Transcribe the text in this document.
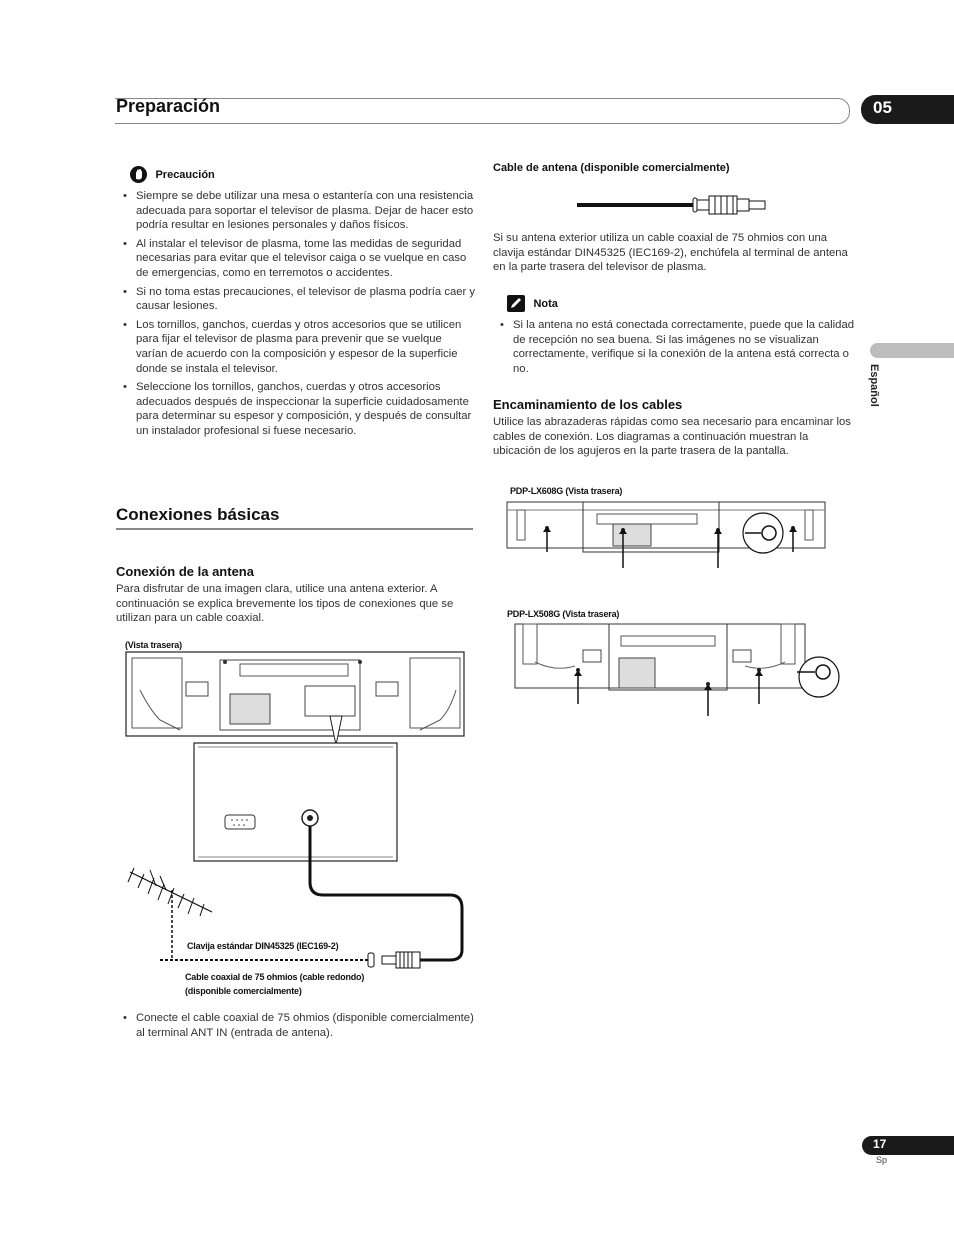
Preparación	05
Español
17
Sp
Precaución
• Siempre se debe utilizar una mesa o estantería con una resistencia adecuada para soportar el televisor de plasma. Dejar de hacer esto podría resultar en lesiones personales y daños físicos.
• Al instalar el televisor de plasma, tome las medidas de seguridad necesarias para evitar que el televisor caiga o se vuelque en caso de emergencias, como en terremotos o accidentes.
• Si no toma estas precauciones, el televisor de plasma podría caer y causar lesiones.
• Los tornillos, ganchos, cuerdas y otros accesorios que se utilicen para fijar el televisor de plasma para prevenir que se vuelque varían de acuerdo con la composición y espesor de la superficie donde se instala el televisor.
• Seleccione los tornillos, ganchos, cuerdas y otros accesorios adecuados después de inspeccionar la superficie cuidadosamente para determinar su espesor y composición, y después de consultar un instalador profesional si fuese necesario.
Conexiones básicas
Conexión de la antena
Para disfrutar de una imagen clara, utilice una antena exterior. A continuación se explica brevemente los tipos de conexiones que se utilizan para un cable coaxial.
(Vista trasera)
Clavija estándar DIN45325 (IEC169-2)
Cable coaxial de 75 ohmios (cable redondo)
(disponible comercialmente)
• Conecte el cable coaxial de 75 ohmios (disponible comercialmente) al terminal ANT IN (entrada de antena).
Cable de antena (disponible comercialmente)
Si su antena exterior utiliza un cable coaxial de 75 ohmios con una clavija estándar DIN45325 (IEC169-2), enchúfela al terminal de antena en la parte trasera del televisor de plasma.
Nota
• Si la antena no está conectada correctamente, puede que la calidad de recepción no sea buena. Si las imágenes no se visualizan correctamente, verifique si la conexión de la antena está correcta o no.
Encaminamiento de los cables
Utilice las abrazaderas rápidas como sea necesario para encaminar los cables de conexión. Los diagramas a continuación muestran la ubicación de los agujeros en la parte trasera de la pantalla.
PDP-LX608G (Vista trasera)
PDP-LX508G (Vista trasera)
